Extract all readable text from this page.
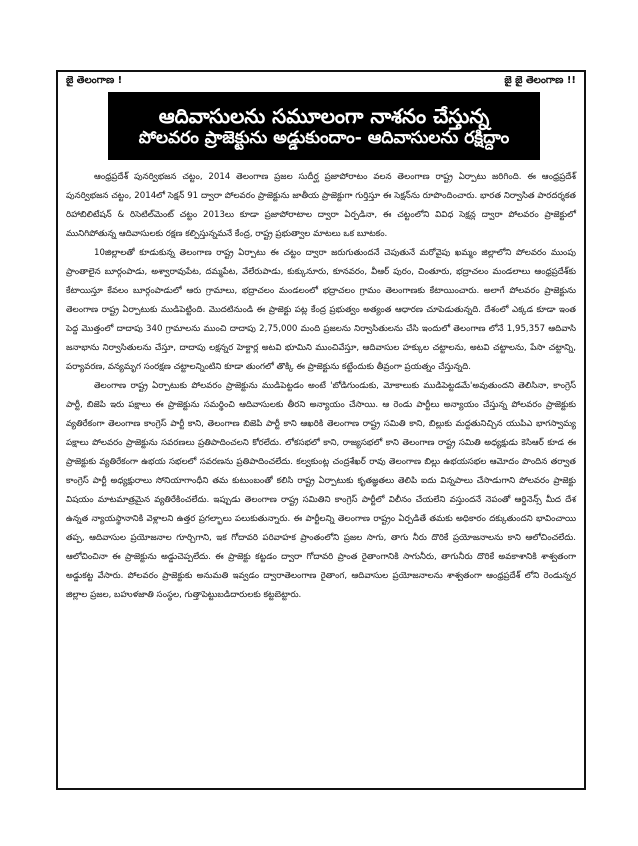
జై తెలంగాణ !	జై జై తెలంగాణ !!
ఆదివాసులను సమూలంగా నాశనం చేస్తున్న
పోలవరం ప్రాజెక్టును అడ్డుకుందాం- ఆదివాసులను రక్షిద్దాం

ఆంధ్రప్రదేశ్ పునర్విభజన చట్టం, 2014 తెలంగాణ ప్రజల సుదీర్ఘ ప్రజాపోరాటం వలన తెలంగాణ రాష్ట్ర ఏర్పాటు జరిగింది. ఈ ఆంధ్రప్రదేశ్ పునర్విభజన చట్టం, 2014లో సెక్షన్ 91 ద్వారా పోలవరం ప్రాజెక్టును జాతీయ ప్రాజెక్టుగా గుర్తిస్తూ ఈ సెక్షన్‌ను రూపొందించారు. భారత నిర్వాసిత పారదర్శకత రిహాబిలిటేషన్ & రిసెటిల్‌మెంట్ చట్టం 2013లు కూడా ప్రజాపోరాటాల ద్వారా ఏర్పడినా, ఈ చట్టంలోని వివిధ సెక్షన్ల ద్వారా పోలవరం ప్రాజెక్టులో మునిగిపోతున్న ఆదివాసులకు రక్షణ కల్పిస్తున్నమనే కేంద్ర, రాష్ట్ర ప్రభుత్వాల మాటలు ఒక బూటకం.

10జిల్లాలతో కూడుకున్న తెలంగాణ రాష్ట్ర ఏర్పాటు ఈ చట్టం ద్వారా జరుగుతుందనే చెపుతునే మరోవైపు ఖమ్మం జిల్లాలోని పోలవరం ముంపు ప్రాంతాలైన బూర్గంపాడు, అశ్వారావుపేట, దమ్మపేట, వేలేరుపాడు, కుక్కునూరు, కూనవరం, వీఆర్ పురం, చింతూరు, భద్రాచలం మండలాలు ఆంధ్రప్రదేశ్‌కు కేటాయిస్తూ కేవలం బూర్గంపాడులో ఆరు గ్రామాలు, భద్రాచలం మండలంలో భద్రాచలం గ్రామం తెలంగాణకు కేటాయించారు. అలాగే పోలవరం ప్రాజెక్టును తెలంగాణ రాష్ట్ర ఏర్పాటుకు ముడిపెట్టింది. మొదటినుండి ఈ ప్రాజెక్టు పట్ల కేంద్ర ప్రభుత్వం అత్యంత ఆధారణ చూపెడుతున్నది. దేశంలో ఎక్కడ కూడా ఇంత పెద్ద మొత్తంలో దాదాపు 340 గ్రామాలను ముంచి దాదాపు 2,75,000 మంది ప్రజలను నిర్వాసితులను చేసి ఇందులో తెలంగాణ లోనే 1,95,357 ఆదివాసి జనాభాను నిర్వాసితులను చేస్తూ, దాదాపు లక్షన్నర హెక్టార్ల అటవి భూమిని ముంచివేస్తూ, ఆదివాసుల హక్కుల చట్టాలను, అటవి చట్టాలను, పేసా చట్టాన్ని, పర్యావరణ, వన్యమృగ సంరక్షణ చట్టాలన్నింటిని కూడా తుంగలో తొక్కి ఈ ప్రాజెక్టును కట్టేందుకు తీవ్రంగా ప్రయత్నం చేస్తున్నది.

తెలంగాణ రాష్ట్ర ఏర్పాటుకు పోలవరం ప్రాజెక్టును ముడిపెట్టడం అంటే 'బోడిగుండుకు, మోకాలుకు ముడిపెట్టడమే'అవుతుందని తెలిసినా, కాంగ్రెస్ పార్టీ, బిజెపి ఇరు పక్షాలు ఈ ప్రాజెక్టును సమర్థించి ఆదివాసులకు తీరని అన్యాయం చేసాయి. ఆ రెండు పార్టీలు అన్యాయం చేస్తున్న పోలవరం ప్రాజెక్టుకు వ్యతిరేకంగా తెలంగాణ కాంగ్రెస్ పార్టీ కాని, తెలంగాణ బిజెపి పార్టీ కాని ఆఖరికి తెలంగాణ రాష్ట్ర సమితి కాని, బిల్లుకు మద్దతునిచ్చిన యుపిఎ భాగస్వామ్య పక్షాలు పోలవరం ప్రాజెక్టును సవరణలు ప్రతిపాదించలని కోరలేదు. లోకసభలో కాని, రాజ్యసభలో కాని తెలంగాణ రాష్ట్ర సమితి అధ్యక్షుడు కెసిఆర్ కూడ ఈ ప్రాజెక్టుకు వ్యతిరేకంగా ఉభయ సభలలో సవరణను ప్రతిపాదించలేదు. కల్వకుంట్ల చంద్రశేఖర్ రావు తెలంగాణ బిల్లు ఉభయసభల ఆమోదం పొందిన తర్వాత కాంగ్రెస్ పార్టీ అధ్యక్షురాలు సోనియాగాంధీని తమ కుటుంబంతో కలిసి రాష్ట్ర ఏర్పాటుకు కృతజ్ఞతలు తెలిపి ఐదు విన్నపాలు చేసాడుగాని పోలవరం ప్రాజెక్టు విషయం మాటమాత్రమైన వ్యతిరేకించలేదు. ఇప్పుడు తెలంగాణ రాష్ట్ర సమితిని కాంగ్రెస్ పార్టీలో విలీనం చేయలేని వస్తుందనే నెపంతో ఆర్డినెన్స్ మీద దేశ ఉన్నత న్యాయస్థానానికి వెళ్లాలని ఉత్తర ప్రగల్భాలు పలుకుతున్నారు. ఈ పార్టీలన్ని తెలంగాణ రాష్ట్రం ఏర్పడితే తమకు అధికారం దక్కుతుందని భావించాయి తప్ప, ఆదివాసుల ప్రయోజనాల గూర్చిగాని, ఇక గోదావరి పరివాహక ప్రాంతంలోని ప్రజల సాగు, తాగు నీరు దొరికే ప్రయోజనాలను కాని ఆలోచించలేదు. ఆలోచించినా ఈ ప్రాజెక్టును అడ్డుచెప్పలేదు. ఈ ప్రాజెక్టు కట్టడం ద్వారా గోదావరి ప్రాంత రైతాంగానికి సాగునీరు, తాగునీరు దొరికే అవకాశానికి శాశ్వతంగా అడ్డుకట్ట వేసారు. పోలవరం ప్రాజెక్టుకు అనుమతి ఇవ్వడం ద్వారాతెలంగాణ రైతాంగ, ఆదివాసుల ప్రయోజనాలను శాశ్వతంగా ఆంధ్రప్రదేశ్ లోని రెండున్నర జిల్లాల ప్రజల, బహుళజాతి సంస్థల, గుత్తాపెట్టుబడిదారులకు కట్టబెట్టారు.
